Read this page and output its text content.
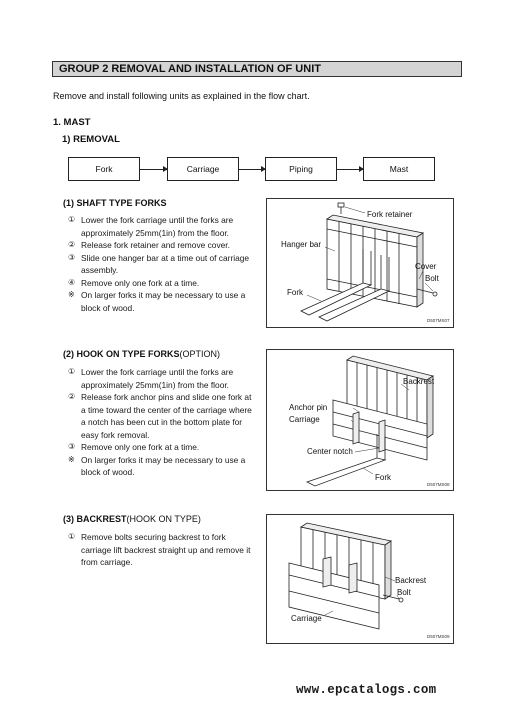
GROUP 2 REMOVAL AND INSTALLATION OF UNIT
Remove and install following units as explained in the flow chart.
1. MAST
1) REMOVAL
Fork	Carriage	Piping	Mast
(1) SHAFT TYPE FORKS
① Lower the fork carriage until the forks are approximately 25mm(1in) from the floor.
② Release fork retainer and remove cover.
③ Slide one hanger bar at a time out of carriage assembly.
④ Remove only one fork at a time.
※ On larger forks it may be necessary to use a block of wood.
Fork retainer
Hanger bar
Cover
Bolt
Fork
D507MS07
(2) HOOK ON TYPE FORKS(OPTION)
① Lower the fork carriage until the forks are approximately 25mm(1in) from the floor.
② Release fork anchor pins and slide one fork at a time toward the center of the carriage where a notch has been cut in the bottom plate for easy fork removal.
③ Remove only one fork at a time.
※ On larger forks it may be necessary to use a block of wood.
Backrest
Anchor pin
Carriage
Center notch
Fork
D507MS08
(3) BACKREST(HOOK ON TYPE)
① Remove bolts securing backrest to fork carriage lift backrest straight up and remove it from carriage.
Backrest
Bolt
Carriage
D507MS09
www.epcatalogs.com
